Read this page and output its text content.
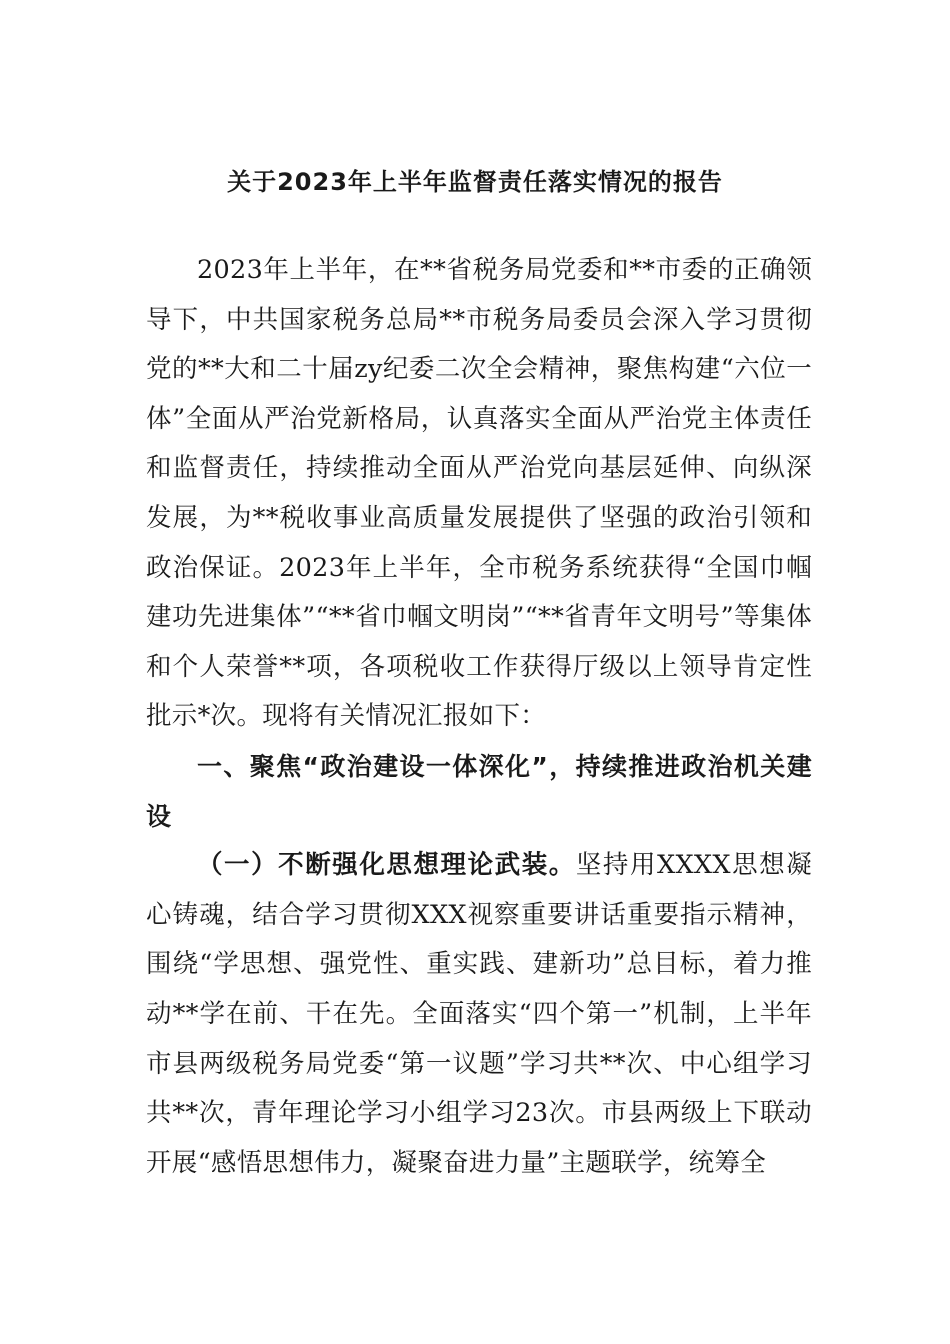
关于2023年上半年监督责任落实情况的报告

2023年上半年，在**省税务局党委和**市委的正确领导下，中共国家税务总局**市税务局委员会深入学习贯彻党的**大和二十届zy纪委二次全会精神，聚焦构建“六位一体”全面从严治党新格局，认真落实全面从严治党主体责任和监督责任，持续推动全面从严治党向基层延伸、向纵深发展，为**税收事业高质量发展提供了坚强的政治引领和政治保证。2023年上半年，全市税务系统获得“全国巾帼建功先进集体”“**省巾帼文明岗”“**省青年文明号”等集体和个人荣誉**项，各项税收工作获得厅级以上领导肯定性批示*次。现将有关情况汇报如下：

一、聚焦“政治建设一体深化”，持续推进政治机关建设

（一）不断强化思想理论武装。坚持用XXXX思想凝心铸魂，结合学习贯彻XXX视察重要讲话重要指示精神，围绕“学思想、强党性、重实践、建新功”总目标，着力推动**学在前、干在先。全面落实“四个第一”机制，上半年市县两级税务局党委“第一议题”学习共**次、中心组学习共**次，青年理论学习小组学习23次。市县两级上下联动开展“感悟思想伟力，凝聚奋进力量”主题联学，统筹全
